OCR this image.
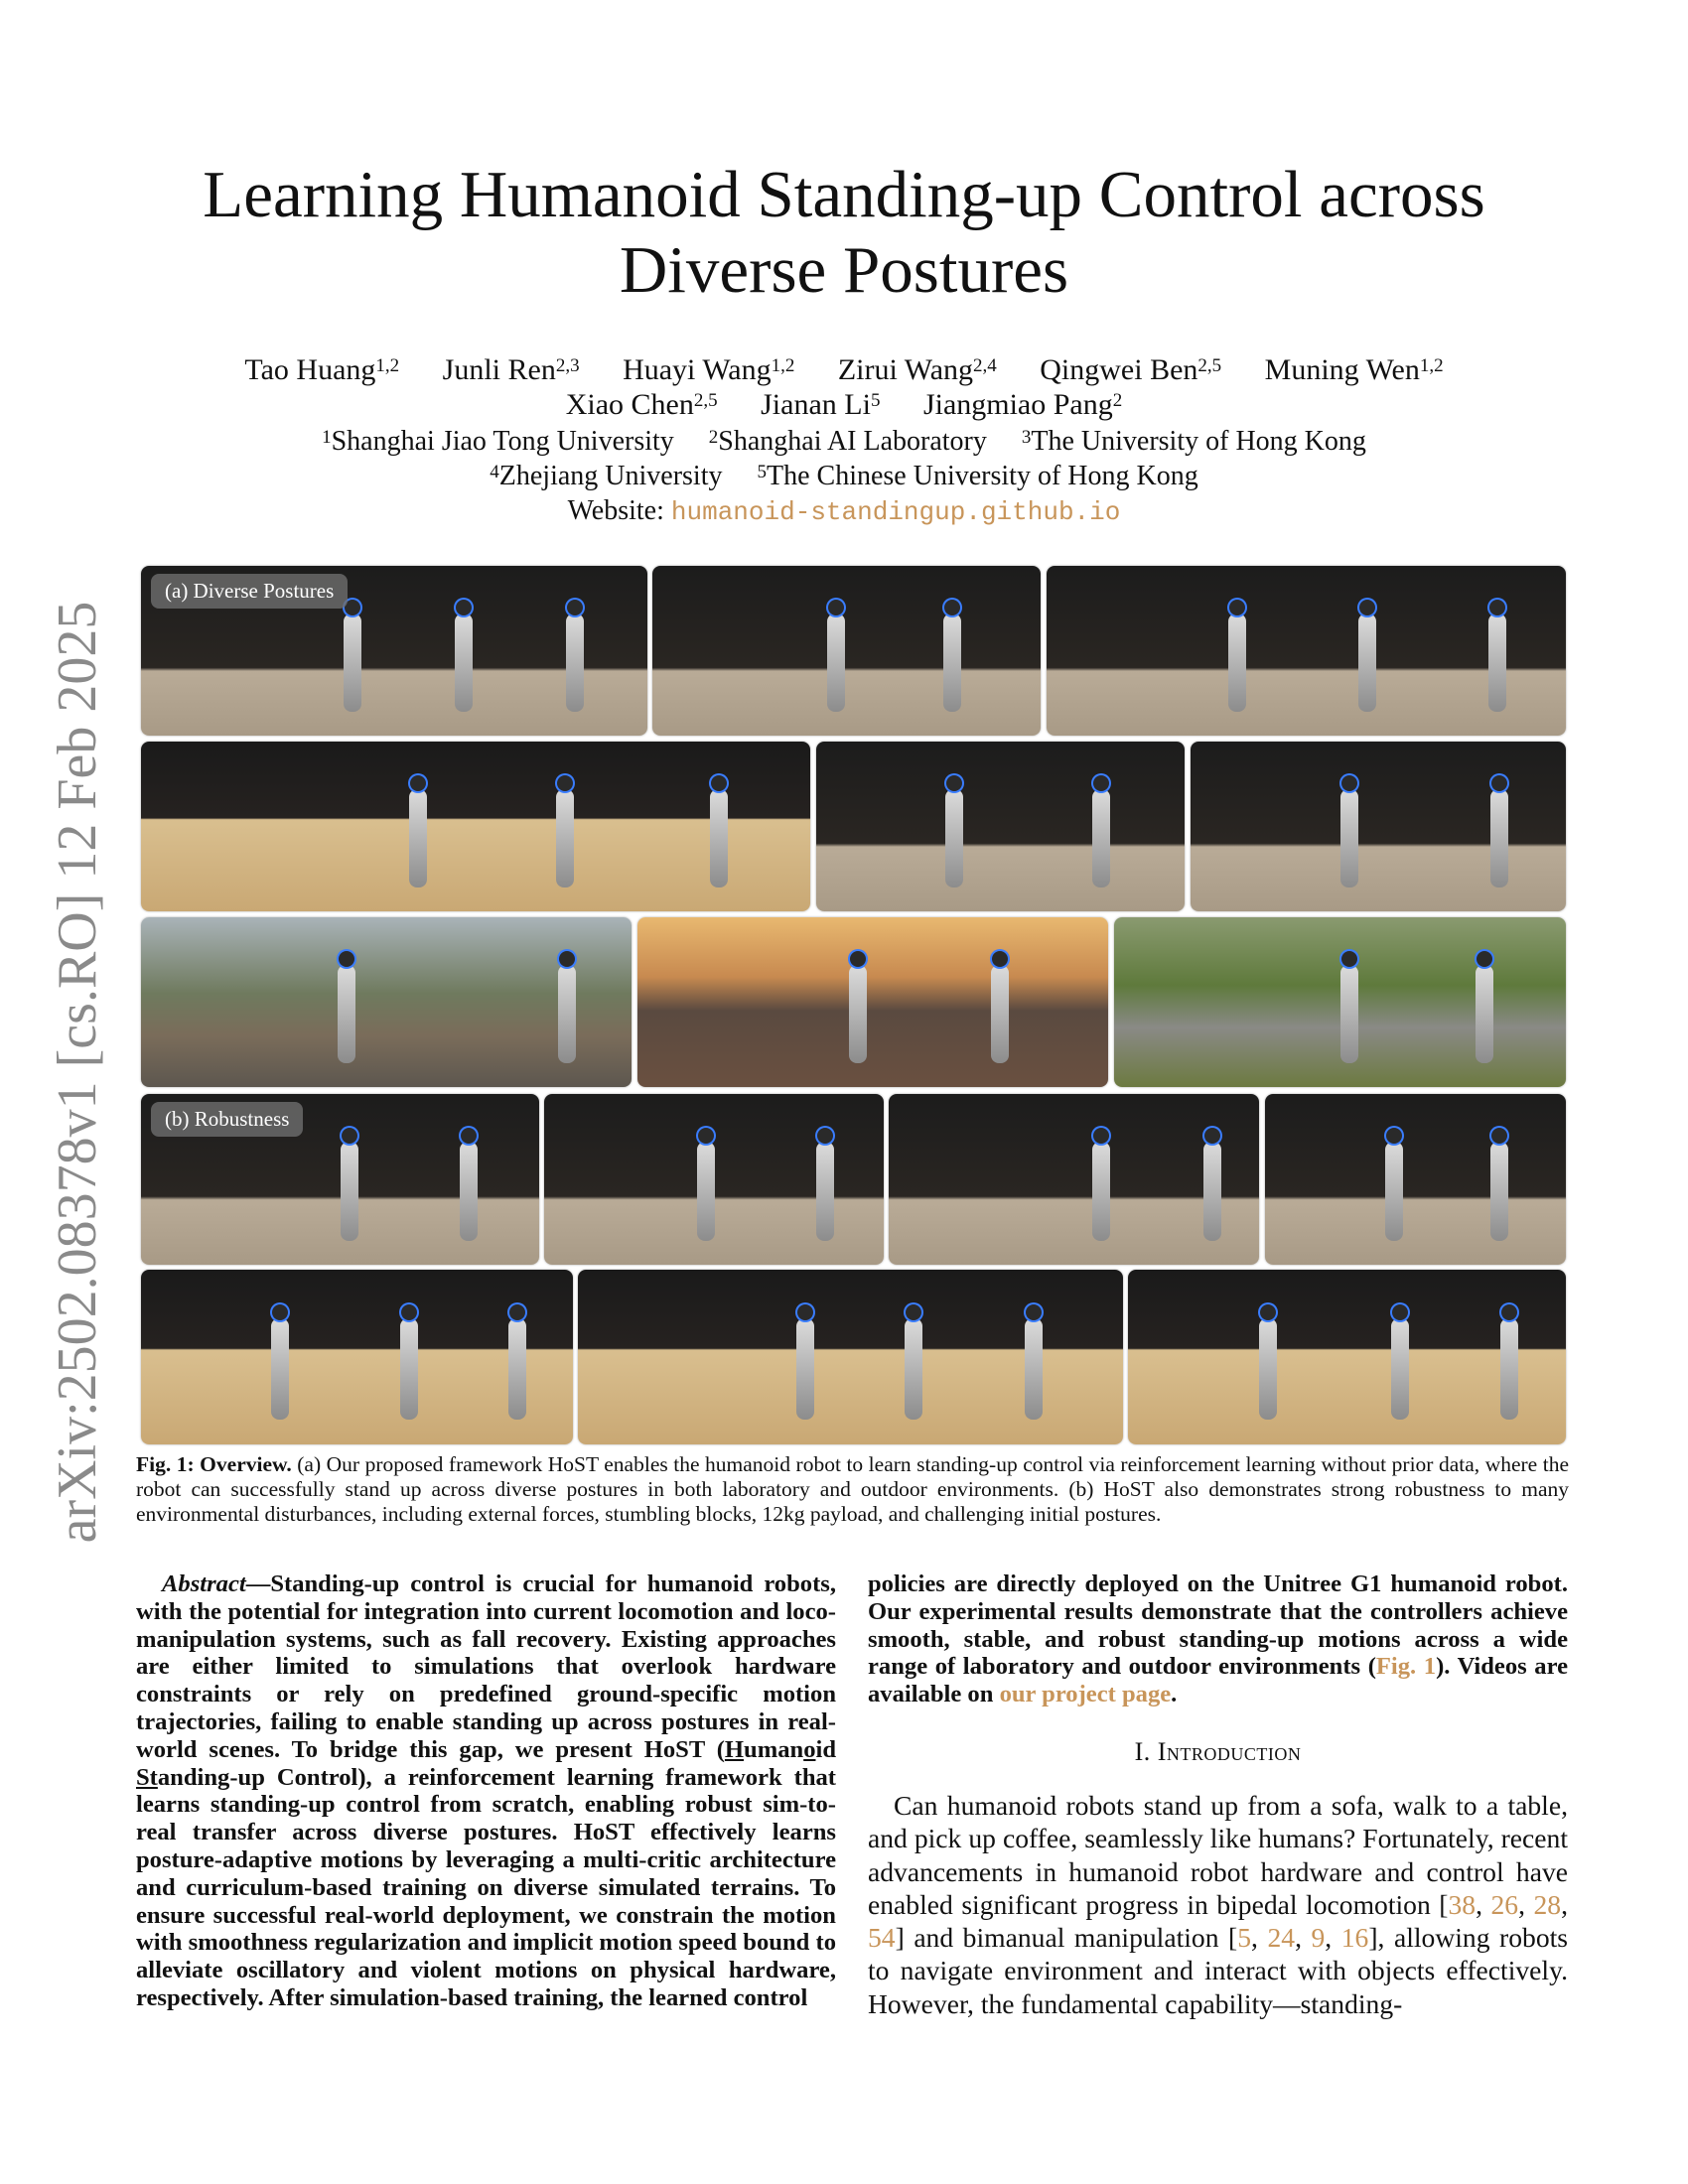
arXiv:2502.08378v1 [cs.RO] 12 Feb 2025
Learning Humanoid Standing-up Control across
Diverse Postures
Tao Huang$^{1,2}$ Junli Ren$^{2,3}$ Huayi Wang$^{1,2}$ Zirui Wang$^{2,4}$ Qingwei Ben$^{2,5}$ Muning Wen$^{1,2}$
Xiao Chen$^{2,5}$ Jianan Li$^5$ Jiangmiao Pang$^2$
$^1$Shanghai Jiao Tong University $^2$Shanghai AI Laboratory $^3$The University of Hong Kong
$^4$Zhejiang University $^5$The Chinese University of Hong Kong
Website: humanoid-standingup.github.io
(a) Diverse Postures
(b) Robustness
Fig. 1: Overview. (a) Our proposed framework HoST enables the humanoid robot to learn standing-up control via reinforcement learning without prior data, where the robot can successfully stand up across diverse postures in both laboratory and outdoor environments. (b) HoST also demonstrates strong robustness to many environmental disturbances, including external forces, stumbling blocks, 12kg payload, and challenging initial postures.
Abstract—Standing-up control is crucial for humanoid robots, with the potential for integration into current locomotion and loco-manipulation systems, such as fall recovery. Existing approaches are either limited to simulations that overlook hardware constraints or rely on predefined ground-specific motion trajectories, failing to enable standing up across postures in real-world scenes. To bridge this gap, we present HoST (Humanoid Standing-up Control), a reinforcement learning framework that learns standing-up control from scratch, enabling robust sim-to-real transfer across diverse postures. HoST effectively learns posture-adaptive motions by leveraging a multi-critic architecture and curriculum-based training on diverse simulated terrains. To ensure successful real-world deployment, we constrain the motion with smoothness regularization and implicit motion speed bound to alleviate oscillatory and violent motions on physical hardware, respectively. After simulation-based training, the learned control
policies are directly deployed on the Unitree G1 humanoid robot. Our experimental results demonstrate that the controllers achieve smooth, stable, and robust standing-up motions across a wide range of laboratory and outdoor environments (Fig. 1). Videos are available on our project page.
I. Introduction
Can humanoid robots stand up from a sofa, walk to a table, and pick up coffee, seamlessly like humans? Fortunately, recent advancements in humanoid robot hardware and control have enabled significant progress in bipedal locomotion [38, 26, 28, 54] and bimanual manipulation [5, 24, 9, 16], allowing robots to navigate environment and interact with objects effectively. However, the fundamental capability—standing-
